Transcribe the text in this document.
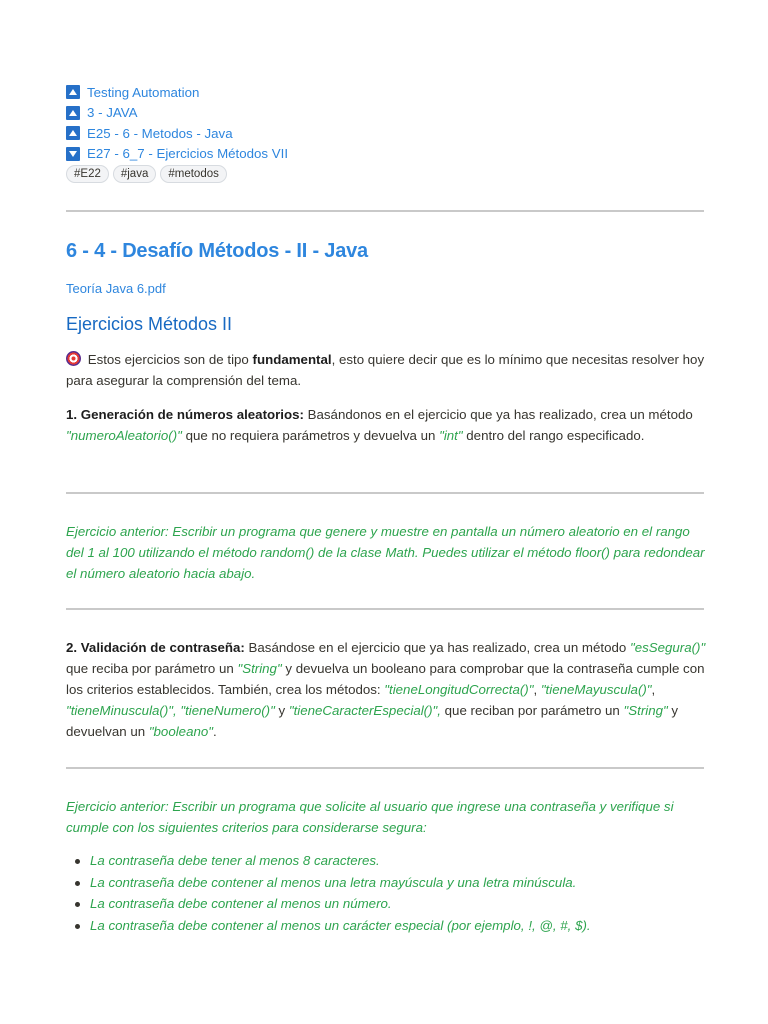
Testing Automation
3 - JAVA
E25 - 6 - Metodos - Java
E27 - 6_7 - Ejercicios Métodos VII
#E22	#java	#metodos
6 - 4 - Desafío Métodos - II - Java
Teoría Java 6.pdf
Ejercicios Métodos II
Estos ejercicios son de tipo fundamental, esto quiere decir que es lo mínimo que necesitas resolver hoy para asegurar la comprensión del tema.
1. Generación de números aleatorios: Basándonos en el ejercicio que ya has realizado, crea un método "numeroAleatorio()" que no requiera parámetros y devuelva un "int" dentro del rango especificado.
Ejercicio anterior: Escribir un programa que genere y muestre en pantalla un número aleatorio en el rango del 1 al 100 utilizando el método random() de la clase Math. Puedes utilizar el método floor() para redondear el número aleatorio hacia abajo.
2. Validación de contraseña: Basándose en el ejercicio que ya has realizado, crea un método "esSegura()" que reciba por parámetro un "String" y devuelva un booleano para comprobar que la contraseña cumple con los criterios establecidos. También, crea los métodos: "tieneLongitudCorrecta()", "tieneMayuscula()", "tieneMinuscula()", "tieneNumero()" y "tieneCaracterEspecial()", que reciban por parámetro un "String" y devuelvan un "booleano".
Ejercicio anterior: Escribir un programa que solicite al usuario que ingrese una contraseña y verifique si cumple con los siguientes criterios para considerarse segura:
La contraseña debe tener al menos 8 caracteres.
La contraseña debe contener al menos una letra mayúscula y una letra minúscula.
La contraseña debe contener al menos un número.
La contraseña debe contener al menos un carácter especial (por ejemplo, !, @, #, $).
